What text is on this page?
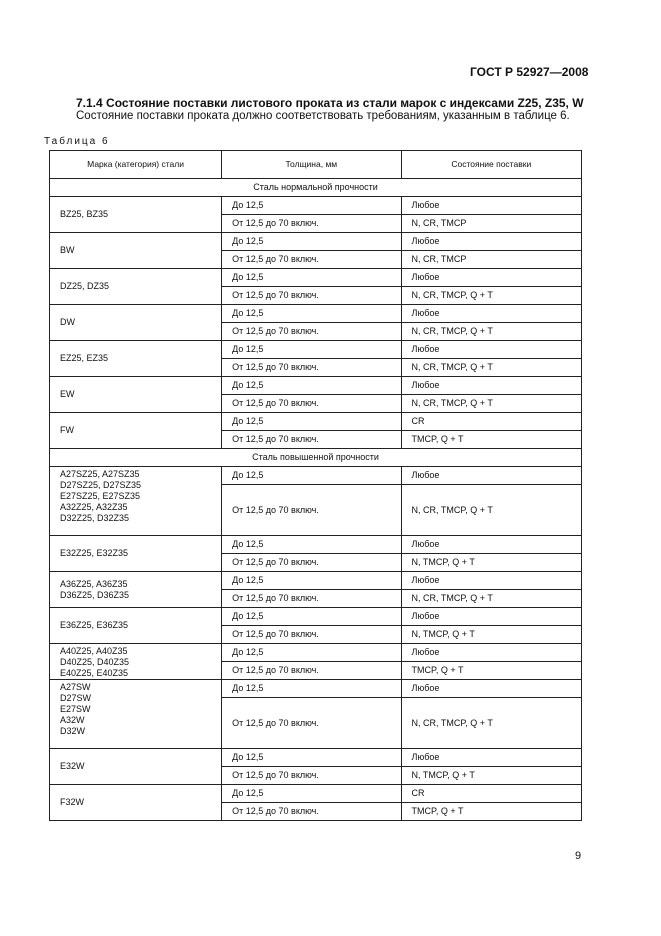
ГОСТ Р 52927—2008
7.1.4 Состояние поставки листового проката из стали марок с индексами Z25, Z35, W
Состояние поставки проката должно соответствовать требованиям, указанным в таблице 6.
Таблица 6
Марка (категория) стали	Толщина, мм	Состояние поставки
Сталь нормальной прочности		
BZ25, BZ35	До 12,5	Любое
	От 12,5 до 70 включ.	N, CR, TMCP
BW	До 12,5	Любое
	От 12,5 до 70 включ.	N, CR, TMCP
DZ25, DZ35	До 12,5	Любое
	От 12,5 до 70 включ.	N, CR, TMCP, Q + T
DW	До 12,5	Любое
	От 12,5 до 70 включ.	N, CR, TMCP, Q + T
EZ25, EZ35	До 12,5	Любое
	От 12,5 до 70 включ.	N, CR, TMCP, Q + T
EW	До 12,5	Любое
	От 12,5 до 70 включ.	N, CR, TMCP, Q + T
FW	До 12,5	CR
	От 12,5 до 70 включ.	TMCP, Q + T
Сталь повышенной прочности		
A27SZ25, A27SZ35
D27SZ25, D27SZ35
E27SZ25, E27SZ35
A32Z25, A32Z35
D32Z25, D32Z35	До 12,5	Любое
	От 12,5 до 70 включ.	N, CR, TMCP, Q + T
E32Z25, E32Z35	До 12,5	Любое
	От 12,5 до 70 включ.	N, TMCP, Q + T
A36Z25, A36Z35
D36Z25, D36Z35	До 12,5	Любое
	От 12,5 до 70 включ.	N, CR, TMCP, Q + T
E36Z25, E36Z35	До 12,5	Любое
	От 12,5 до 70 включ.	N, TMCP, Q + T
A40Z25, A40Z35
D40Z25, D40Z35
E40Z25, E40Z35	До 12,5	Любое
	От 12,5 до 70 включ.	TMCP, Q + T
A27SW
D27SW
E27SW
A32W
D32W	До 12,5	Любое
	От 12,5 до 70 включ.	N, CR, TMCP, Q + T
E32W	До 12,5	Любое
	От 12,5 до 70 включ.	N, TMCP, Q + T
F32W	До 12,5	CR
	От 12,5 до 70 включ.	TMCP, Q + T
9
